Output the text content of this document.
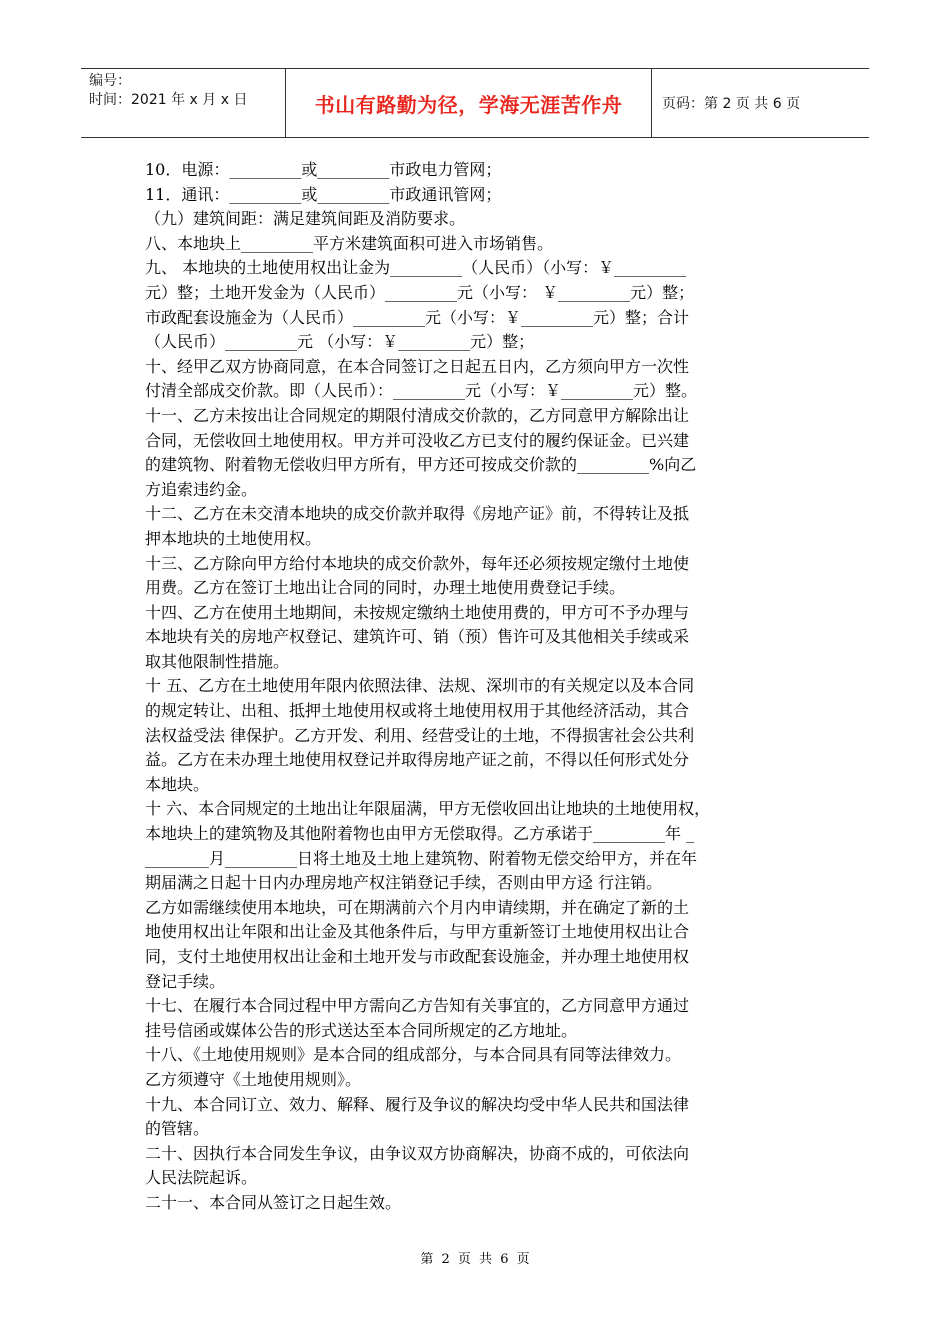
编号：
时间：2021 年 x 月 x 日	书山有路勤为径，学海无涯苦作舟	页码：第 2 页 共 6 页
10．电源：_________或_________市政电力管网；
11．通讯：_________或_________市政通讯管网；
（九）建筑间距：满足建筑间距及消防要求。
八、本地块上_________平方米建筑面积可进入市场销售。
九、 本地块的土地使用权出让金为_________（人民币）（小写：￥_________
元）整；土地开发金为（人民币）_________元（小写： ￥_________元）整；
市政配套设施金为（人民币）_________元（小写：￥_________元）整；合计
（人民币）_________元 （小写：￥_________元）整；
十、经甲乙双方协商同意，在本合同签订之日起五日内，乙方须向甲方一次性
付清全部成交价款。即（人民币）：_________元（小写：￥_________元）整。
十一、乙方未按出让合同规定的期限付清成交价款的，乙方同意甲方解除出让
合同，无偿收回土地使用权。甲方并可没收乙方已支付的履约保证金。已兴建
的建筑物、附着物无偿收归甲方所有，甲方还可按成交价款的_________%向乙
方追索违约金。
十二、乙方在未交清本地块的成交价款并取得《房地产证》前，不得转让及抵
押本地块的土地使用权。
十三、乙方除向甲方给付本地块的成交价款外，每年还必须按规定缴付土地使
用费。乙方在签订土地出让合同的同时，办理土地使用费登记手续。
十四、乙方在使用土地期间，未按规定缴纳土地使用费的，甲方可不予办理与
本地块有关的房地产权登记、建筑许可、销（预）售许可及其他相关手续或采
取其他限制性措施。
十 五、乙方在土地使用年限内依照法律、法规、深圳市的有关规定以及本合同
的规定转让、出租、抵押土地使用权或将土地使用权用于其他经济活动，其合
法权益受法 律保护。乙方开发、利用、经营受让的土地，不得损害社会公共利
益。乙方在未办理土地使用权登记并取得房地产证之前，不得以任何形式处分
本地块。
十 六、本合同规定的土地出让年限届满，甲方无偿收回出让地块的土地使用权，
本地块上的建筑物及其他附着物也由甲方无偿取得。乙方承诺于_________年 _
________月_________日将土地及土地上建筑物、附着物无偿交给甲方，并在年
期届满之日起十日内办理房地产权注销登记手续，否则由甲方迳 行注销。
乙方如需继续使用本地块，可在期满前六个月内申请续期，并在确定了新的土
地使用权出让年限和出让金及其他条件后，与甲方重新签订土地使用权出让合
同，支付土地使用权出让金和土地开发与市政配套设施金，并办理土地使用权
登记手续。
十七、在履行本合同过程中甲方需向乙方告知有关事宜的，乙方同意甲方通过
挂号信函或媒体公告的形式送达至本合同所规定的乙方地址。
十八、《土地使用规则》是本合同的组成部分，与本合同具有同等法律效力。
乙方须遵守《土地使用规则》。
十九、本合同订立、效力、解释、履行及争议的解决均受中华人民共和国法律
的管辖。
二十、因执行本合同发生争议，由争议双方协商解决，协商不成的，可依法向
人民法院起诉。
二十一、本合同从签订之日起生效。
第 2 页 共 6 页
